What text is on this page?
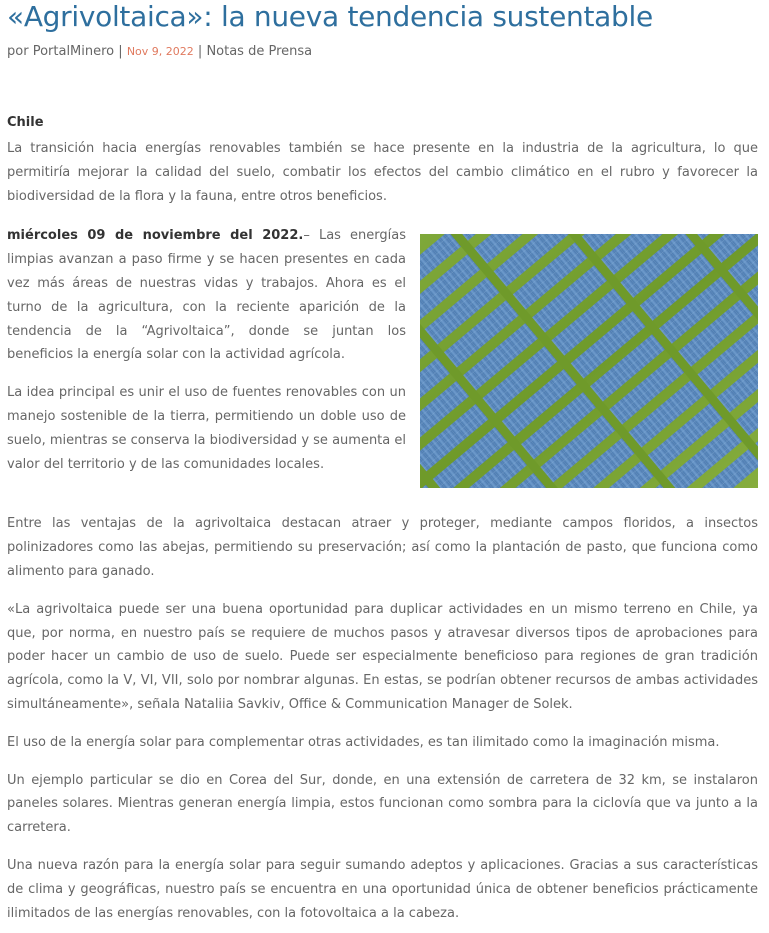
«Agrivoltaica»: la nueva tendencia sustentable
por PortalMinero | Nov 9, 2022 | Notas de Prensa
Chile

La transición hacia energías renovables también se hace presente en la industria de la agricultura, lo que permitiría mejorar la calidad del suelo, combatir los efectos del cambio climático en el rubro y favorecer la biodiversidad de la flora y la fauna, entre otros beneficios.

miércoles 09 de noviembre del 2022.– Las energías limpias avanzan a paso firme y se hacen presentes en cada vez más áreas de nuestras vidas y trabajos. Ahora es el turno de la agricultura, con la reciente aparición de la tendencia de la “Agrivoltaica”, donde se juntan los beneficios la energía solar con la actividad agrícola.

La idea principal es unir el uso de fuentes renovables con un manejo sostenible de la tierra, permitiendo un doble uso de suelo, mientras se conserva la biodiversidad y se aumenta el valor del territorio y de las comunidades locales.

Entre las ventajas de la agrivoltaica destacan atraer y proteger, mediante campos floridos, a insectos polinizadores como las abejas, permitiendo su preservación; así como la plantación de pasto, que funciona como alimento para ganado.

«La agrivoltaica puede ser una buena oportunidad para duplicar actividades en un mismo terreno en Chile, ya que, por norma, en nuestro país se requiere de muchos pasos y atravesar diversos tipos de aprobaciones para poder hacer un cambio de uso de suelo. Puede ser especialmente beneficioso para regiones de gran tradición agrícola, como la V, VI, VII, solo por nombrar algunas. En estas, se podrían obtener recursos de ambas actividades simultáneamente», señala Nataliia Savkiv, Office & Communication Manager de Solek.

El uso de la energía solar para complementar otras actividades, es tan ilimitado como la imaginación misma.

Un ejemplo particular se dio en Corea del Sur, donde, en una extensión de carretera de 32 km, se instalaron paneles solares. Mientras generan energía limpia, estos funcionan como sombra para la ciclovía que va junto a la carretera.

Una nueva razón para la energía solar para seguir sumando adeptos y aplicaciones. Gracias a sus características de clima y geográficas, nuestro país se encuentra en una oportunidad única de obtener beneficios prácticamente ilimitados de las energías renovables, con la fotovoltaica a la cabeza.
